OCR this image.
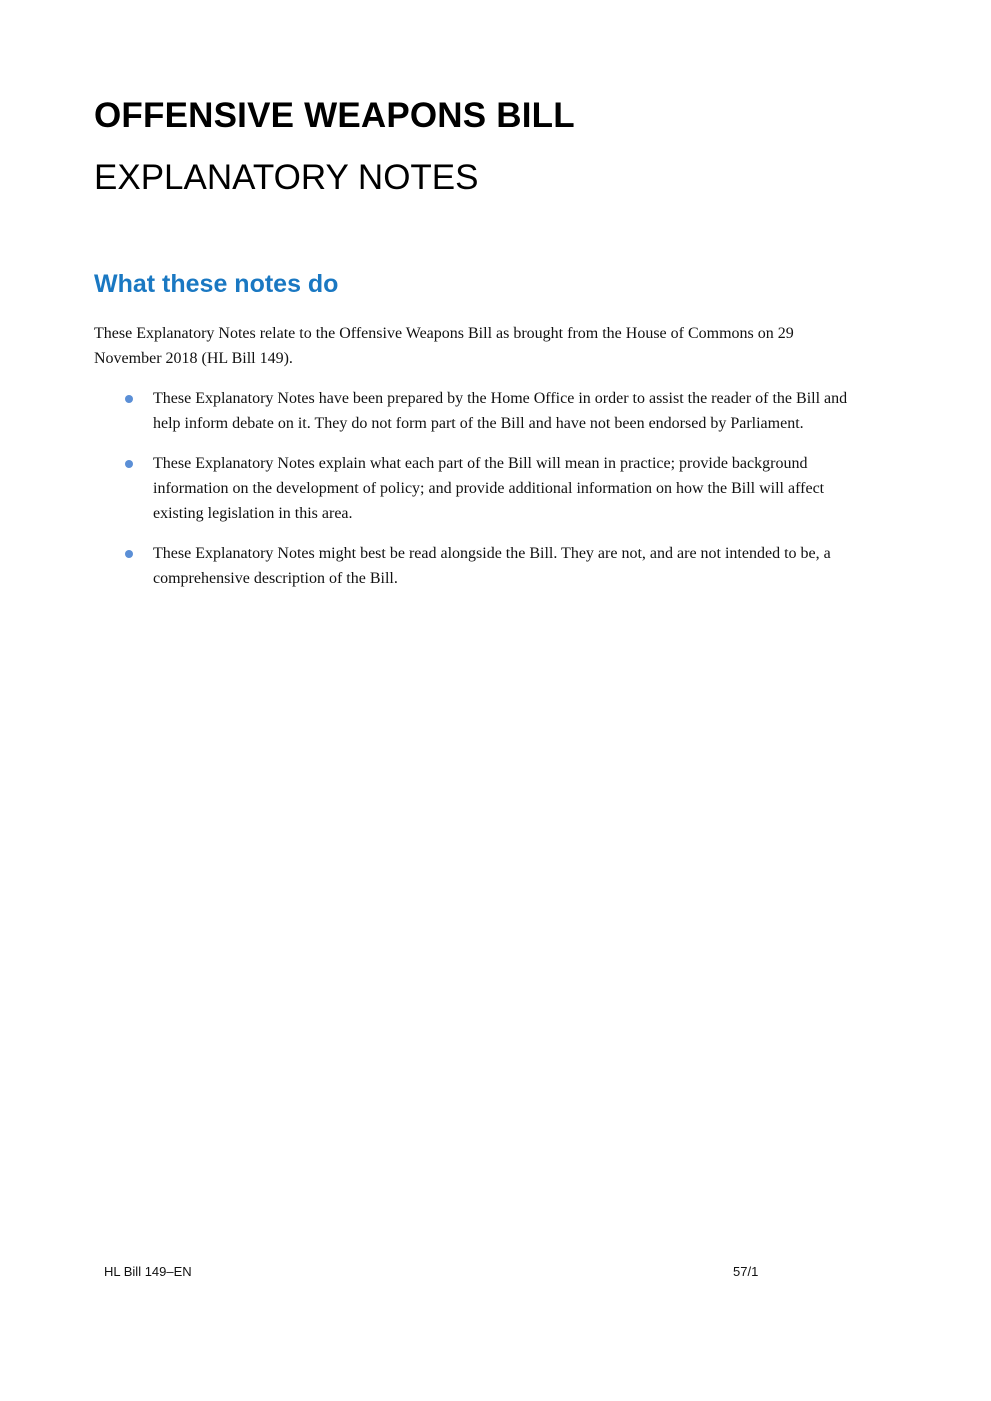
OFFENSIVE WEAPONS BILL
EXPLANATORY NOTES
What these notes do

These Explanatory Notes relate to the Offensive Weapons Bill as brought from the House of Commons on 29 November 2018 (HL Bill 149).

These Explanatory Notes have been prepared by the Home Office in order to assist the reader of the Bill and help inform debate on it. They do not form part of the Bill and have not been endorsed by Parliament.
These Explanatory Notes explain what each part of the Bill will mean in practice; provide background information on the development of policy; and provide additional information on how the Bill will affect existing legislation in this area.
These Explanatory Notes might best be read alongside the Bill. They are not, and are not intended to be, a comprehensive description of the Bill.
HL Bill 149–EN	57/1
